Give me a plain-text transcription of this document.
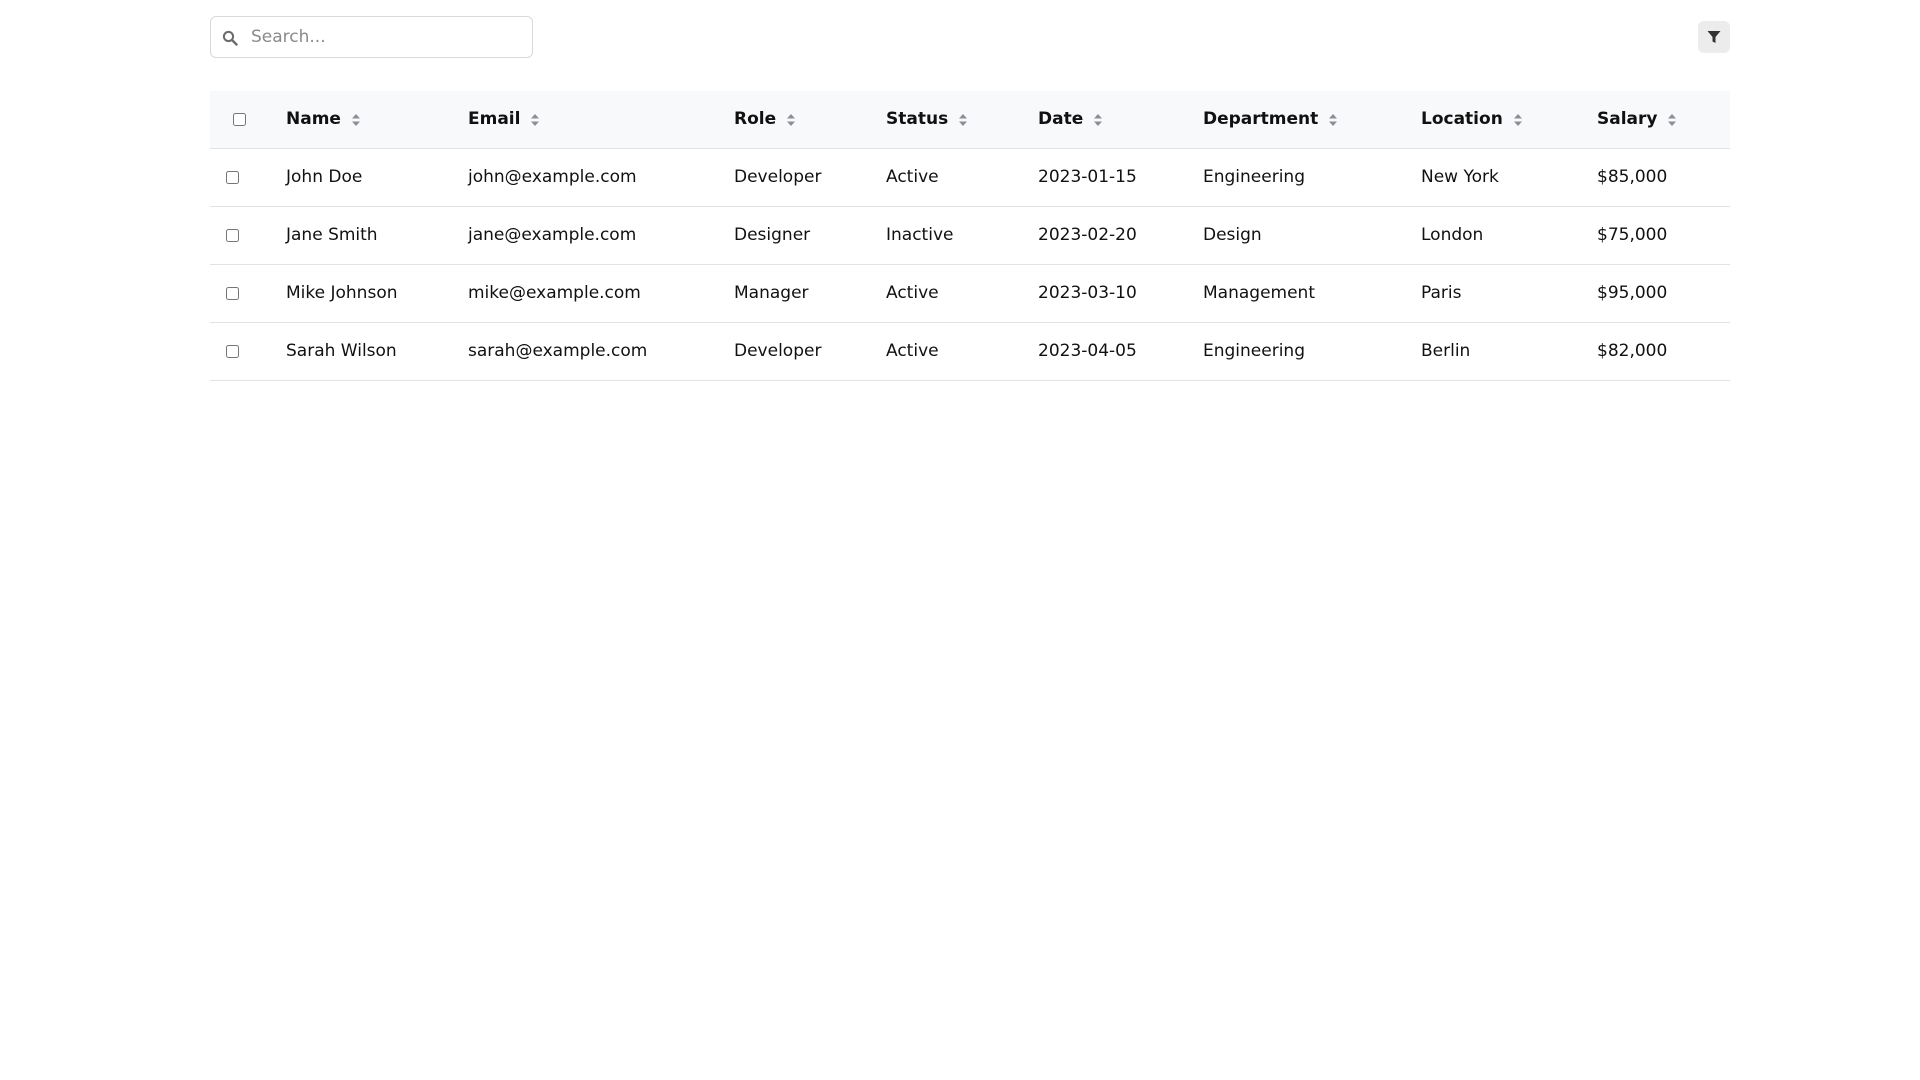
Search...

Name	Email	Role	Status	Date	Department	Location	Salary

	John Doe	john@example.com	Developer	Active	2023-01-15	Engineering	New York	$85,000
	Jane Smith	jane@example.com	Designer	Inactive	2023-02-20	Design	London	$75,000
	Mike Johnson	mike@example.com	Manager	Active	2023-03-10	Management	Paris	$95,000
	Sarah Wilson	sarah@example.com	Developer	Active	2023-04-05	Engineering	Berlin	$82,000
